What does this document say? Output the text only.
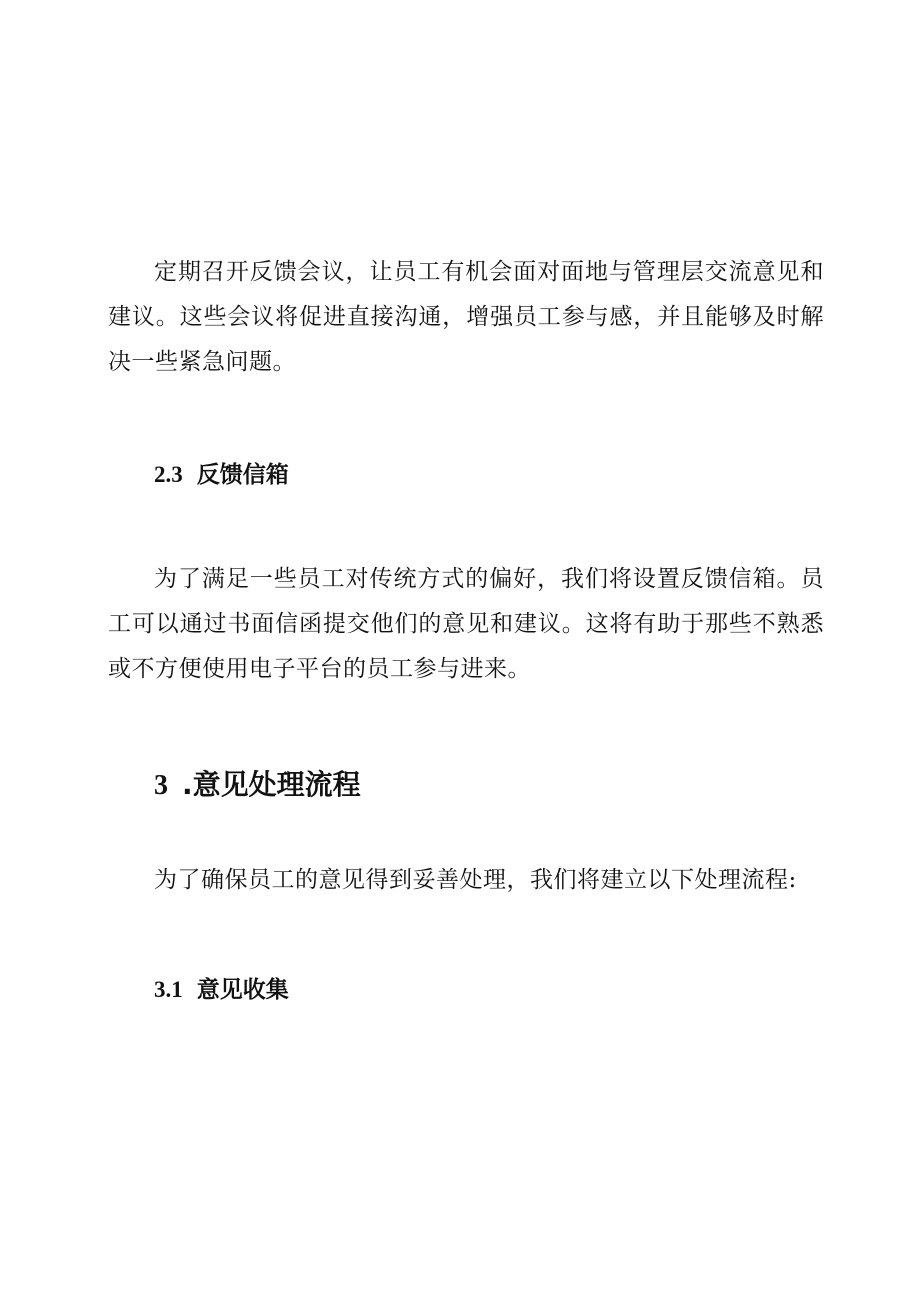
定期召开反馈会议，让员工有机会面对面地与管理层交流意见和建议。这些会议将促进直接沟通，增强员工参与感，并且能够及时解决一些紧急问题。

2.3 反馈信箱

为了满足一些员工对传统方式的偏好，我们将设置反馈信箱。员工可以通过书面信函提交他们的意见和建议。这将有助于那些不熟悉或不方便使用电子平台的员工参与进来。

3 .意见处理流程

为了确保员工的意见得到妥善处理，我们将建立以下处理流程:

3.1 意见收集
